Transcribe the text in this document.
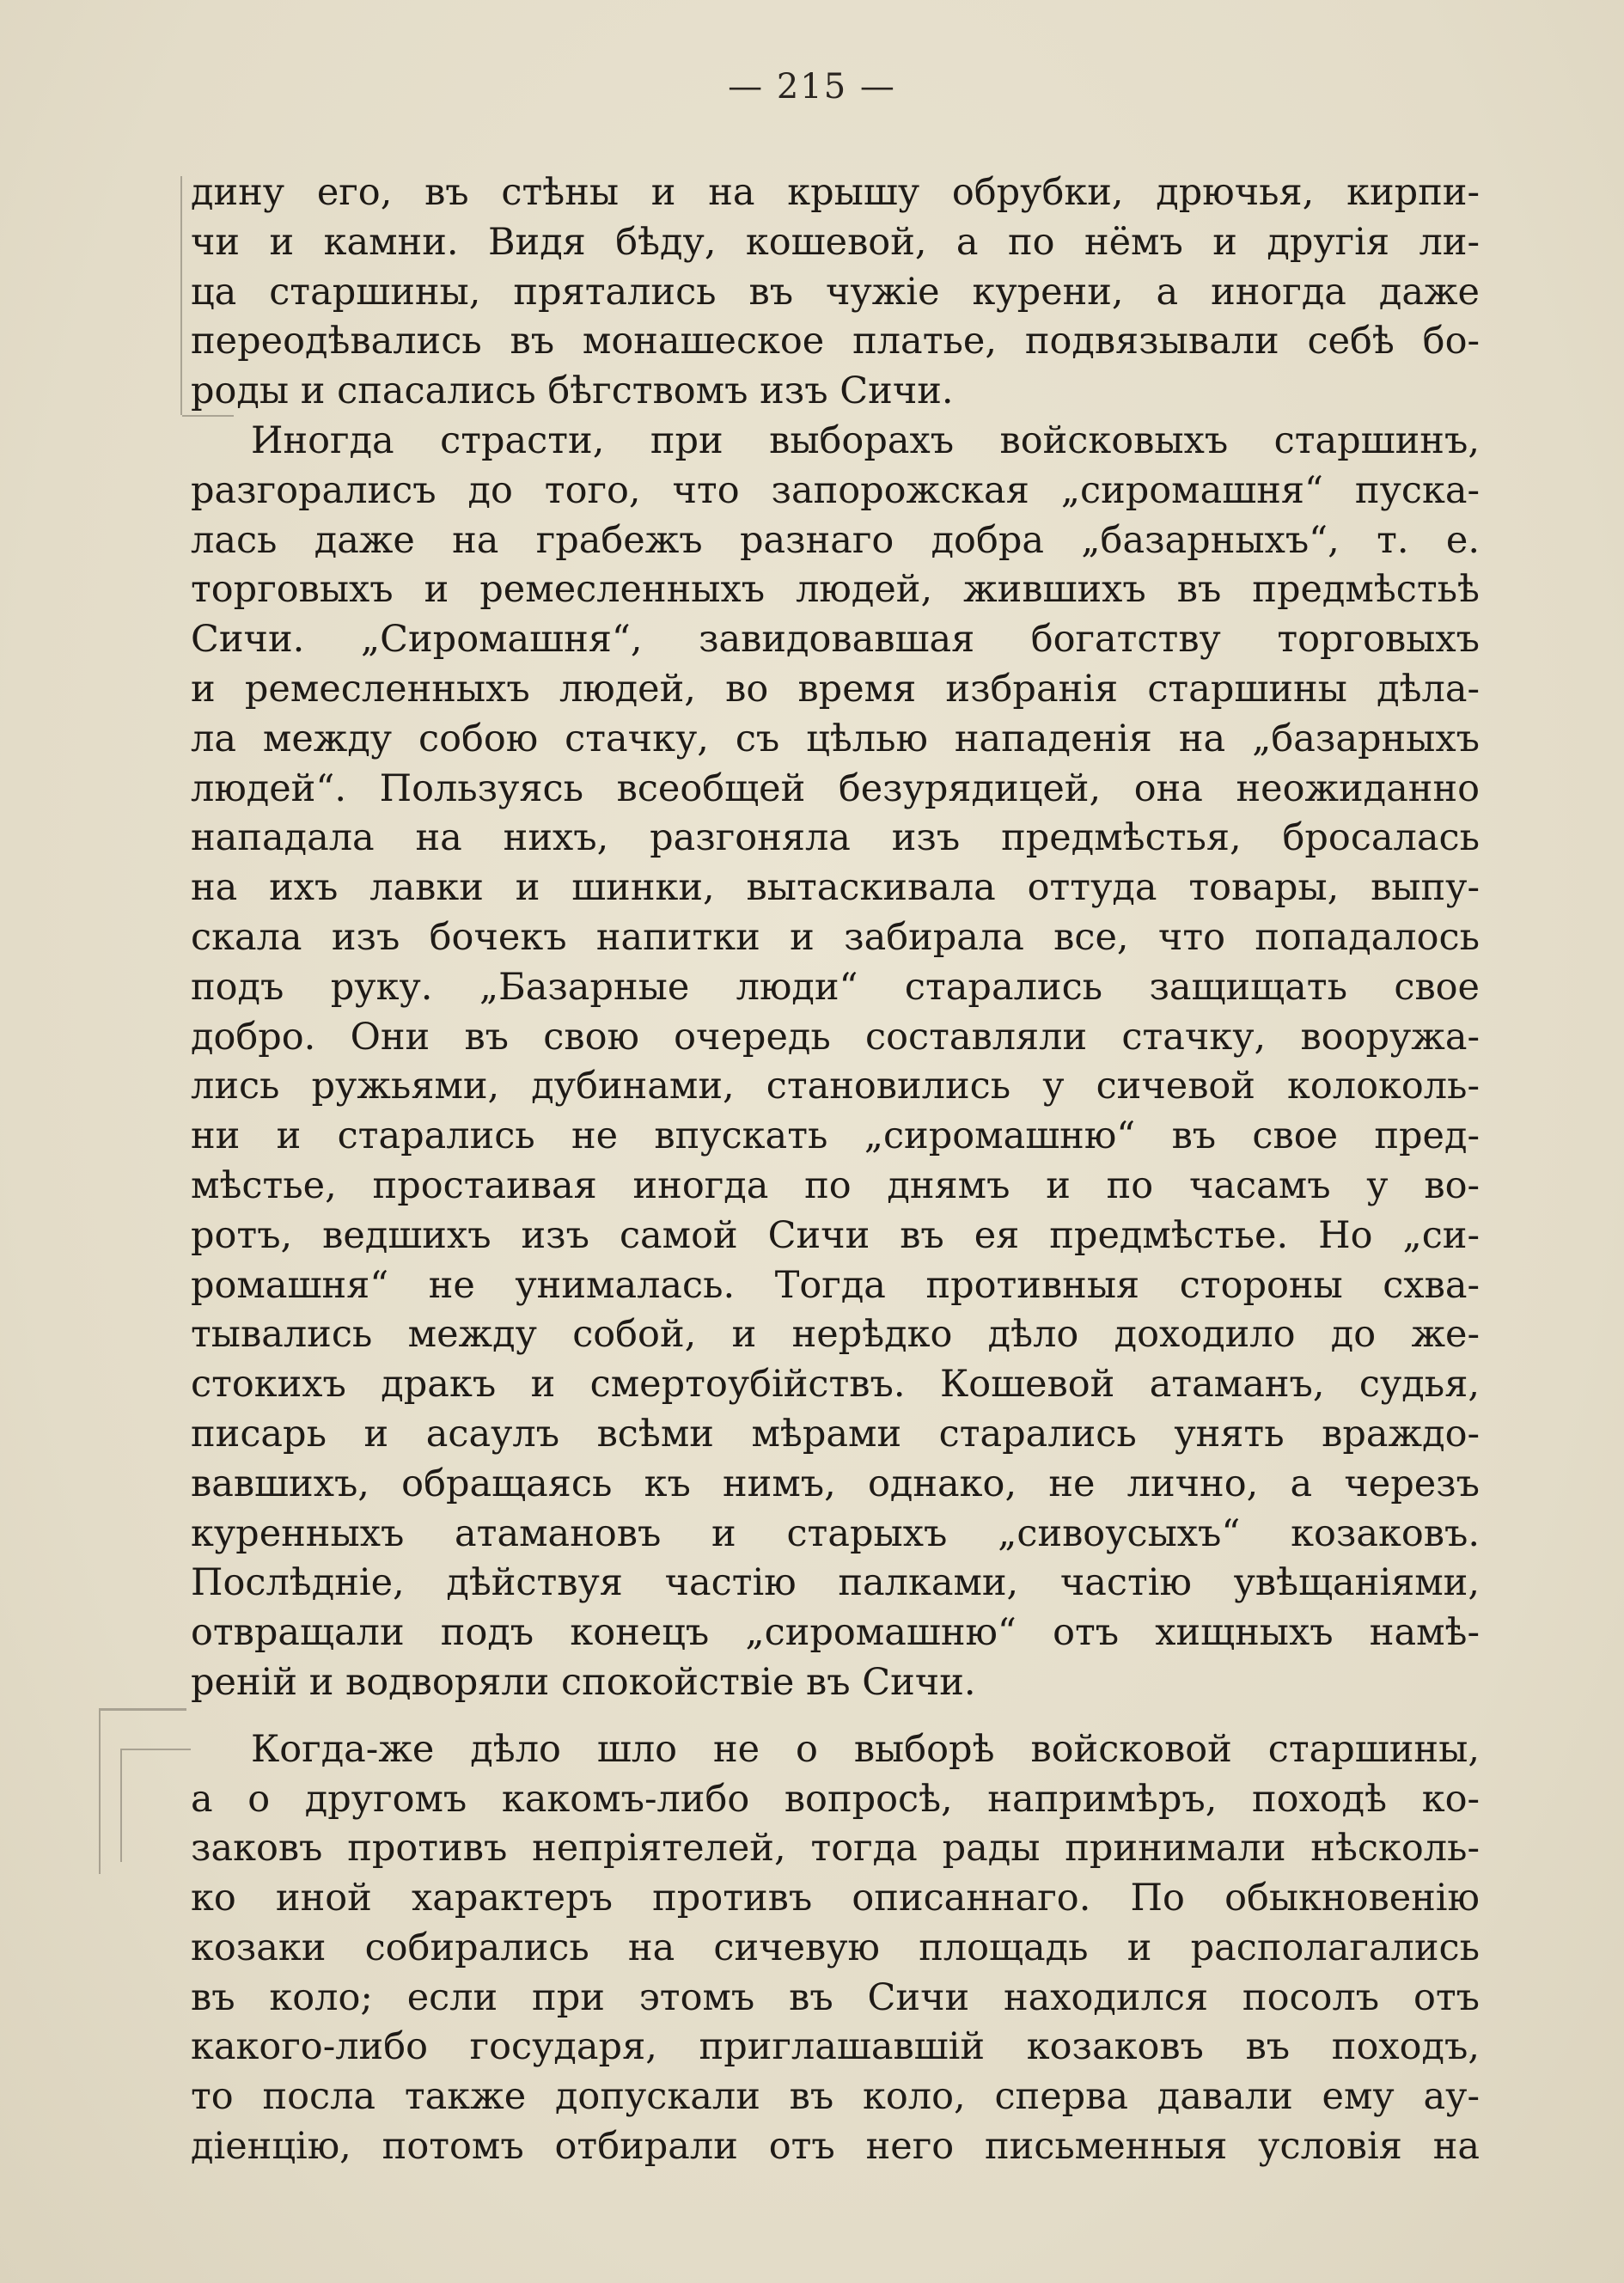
— 215 —
дину его, въ стѣны и на крышу обрубки, дрючья, кирпи-
чи и камни. Видя бѣду, кошевой, а по нёмъ и другія ли-
ца старшины, прятались въ чужіе курени, а иногда даже
переодѣвались въ монашеское платье, подвязывали себѣ бо-
роды и спасались бѣгствомъ изъ Сичи.
Иногда страсти, при выборахъ войсковыхъ старшинъ,
разгоралисъ до того, что запорожская „сиромашня“ пуска-
лась даже на грабежъ разнаго добра „базарныхъ“, т. е.
торговыхъ и ремесленныхъ людей, жившихъ въ предмѣстьѣ
Сичи. „Сиромашня“, завидовавшая богатству торговыхъ
и ремесленныхъ людей, во время избранія старшины дѣла-
ла между собою стачку, съ цѣлью нападенія на „базарныхъ
людей“. Пользуясь всеобщей безурядицей, она неожиданно
нападала на нихъ, разгоняла изъ предмѣстья, бросалась
на ихъ лавки и шинки, вытаскивала оттуда товары, выпу-
скала изъ бочекъ напитки и забирала все, что попадалось
подъ руку. „Базарные люди“ старались защищать свое
добро. Они въ свою очередь составляли стачку, вооружа-
лись ружьями, дубинами, становились у сичевой колоколь-
ни и старались не впускать „сиромашню“ въ свое пред-
мѣстье, простаивая иногда по днямъ и по часамъ у во-
ротъ, ведшихъ изъ самой Сичи въ ея предмѣстье. Но „си-
ромашня“ не унималась. Тогда противныя стороны схва-
тывались между собой, и нерѣдко дѣло доходило до же-
стокихъ дракъ и смертоубійствъ. Кошевой атаманъ, судья,
писарь и асаулъ всѣми мѣрами старались унять враждо-
вавшихъ, обращаясь къ нимъ, однако, не лично, а черезъ
куренныхъ атамановъ и старыхъ „сивоусыхъ“ козаковъ.
Послѣдніе, дѣйствуя частію палками, частію увѣщаніями,
отвращали подъ конецъ „сиромашню“ отъ хищныхъ намѣ-
реній и водворяли спокойствіе въ Сичи.
Когда-же дѣло шло не о выборѣ войсковой старшины,
а о другомъ какомъ-либо вопросѣ, напримѣръ, походѣ ко-
заковъ противъ непріятелей, тогда рады принимали нѣсколь-
ко иной характеръ противъ описаннаго. По обыкновенію
козаки собирались на сичевую площадь и располагались
въ коло; если при этомъ въ Сичи находился посолъ отъ
какого-либо государя, приглашавшій козаковъ въ походъ,
то посла также допускали въ коло, сперва давали ему ау-
діенцію, потомъ отбирали отъ него письменныя условія на
